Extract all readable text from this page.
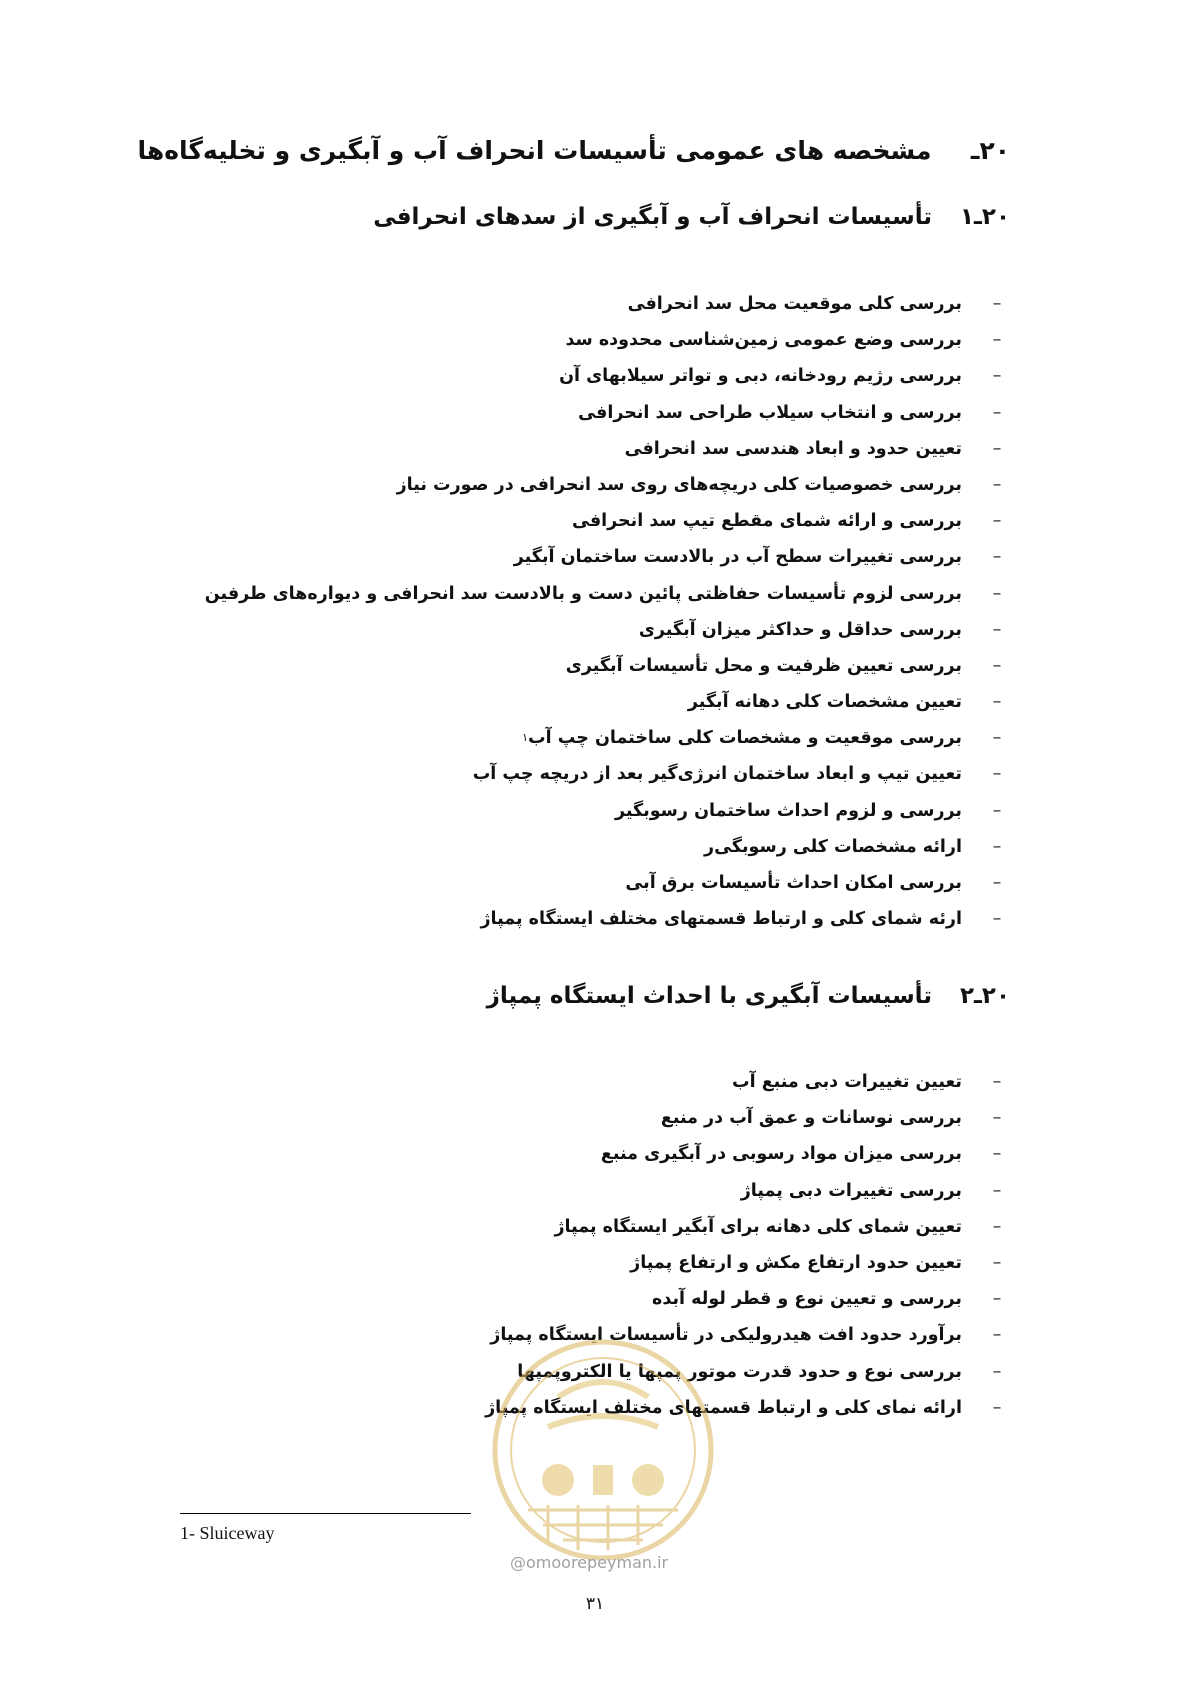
۲۰ـ  مشخصه های عمومی تأسیسات انحراف آب و آبگیری و تخلیه‌گاه‌ها
۲۰ـ۱  تأسیسات انحراف آب و آبگیری از سدهای انحرافی
–
بررسی کلی موقعیت محل سد انحرافی
–
بررسی وضع عمومی زمین‌شناسی محدوده سد
–
بررسی رژیم رودخانه، دبی و تواتر سیلابهای آن
–
بررسی و انتخاب سیلاب طراحی سد انحرافی
–
تعیین حدود و ابعاد هندسی سد انحرافی
–
بررسی خصوصیات کلی دریچه‌های روی سد انحرافی در صورت نیاز
–
بررسی و ارائه شمای مقطع تیپ سد انحرافی
–
بررسی تغییرات سطح آب در بالادست ساختمان آبگیر
–
بررسی لزوم تأسیسات حفاظتی پائین دست و بالادست سد انحرافی و دیواره‌های طرفین
–
بررسی حداقل و حداکثر میزان آبگیری
–
بررسی تعیین ظرفیت و محل تأسیسات آبگیری
–
تعیین مشخصات کلی دهانه آبگیر
–
بررسی موقعیت و مشخصات کلی ساختمان چپ آب
۱
–
تعیین تیپ و ابعاد ساختمان انرژی‌گیر بعد از دریچه چپ آب
–
بررسی و لزوم احداث ساختمان رسوبگیر
–
ارائه مشخصات کلی رسوبگی‌ر
–
بررسی امکان احداث تأسیسات برق آبی
–
ارئه شمای کلی و ارتباط قسمتهای مختلف ایستگاه پمپاژ
۲۰ـ۲  تأسیسات آبگیری با احداث ایستگاه پمپاژ
–
تعیین تغییرات دبی منبع آب
–
بررسی نوسانات و عمق آب در منبع
–
بررسی میزان مواد رسوبی در آبگیری منبع
–
بررسی تغییرات دبی پمپاژ
–
تعیین شمای کلی دهانه برای آبگیر ایستگاه پمپاژ
–
تعیین حدود ارتفاع مکش و ارتفاع پمپاژ
–
بررسی و تعیین نوع و قطر لوله آبده
–
برآورد حدود افت هیدرولیکی در تأسیسات ایستگاه پمپاژ
–
بررسی نوع و حدود قدرت موتور پمپها یا الکتروپمپها
–
ارائه نمای کلی و ارتباط قسمتهای مختلف ایستگاه پمپاژ
@omoorepeyman.ir
1- Sluiceway
۳۱
